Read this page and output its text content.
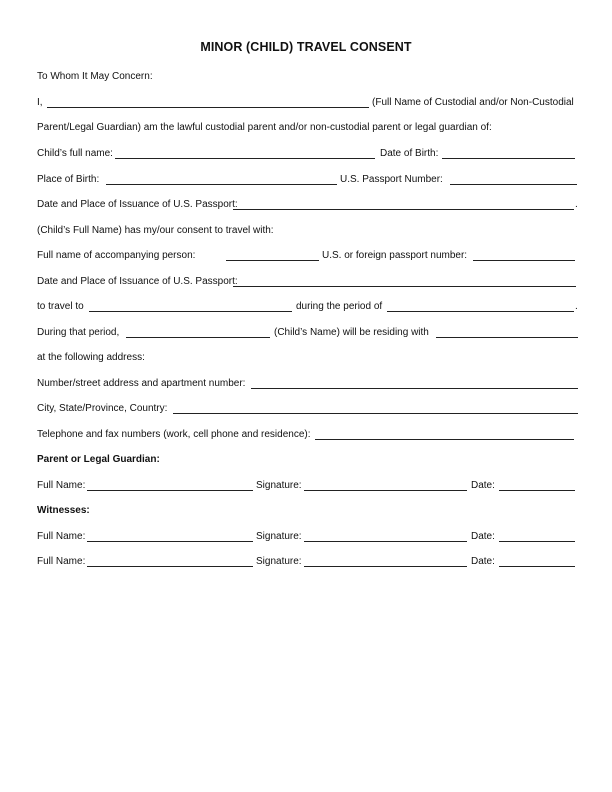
MINOR (CHILD) TRAVEL CONSENT
To Whom It May Concern:
I,	(Full Name of Custodial and/or Non-Custodial
Parent/Legal Guardian) am the lawful custodial parent and/or non-custodial parent or legal guardian of:
Child’s full name:	Date of Birth:
Place of Birth:	U.S. Passport Number:
Date and Place of Issuance of U.S. Passport:	.
(Child’s Full Name) has my/our consent to travel with:
Full name of accompanying person:	U.S. or foreign passport number:
Date and Place of Issuance of U.S. Passport:
to travel to	during the period of	.
During that period,	(Child’s Name) will be residing with
at the following address:
Number/street address and apartment number:
City, State/Province, Country:
Telephone and fax numbers (work, cell phone and residence):
Parent or Legal Guardian:
Full Name:	Signature:	Date:
Witnesses:
Full Name:	Signature:	Date:
Full Name:	Signature:	Date:
